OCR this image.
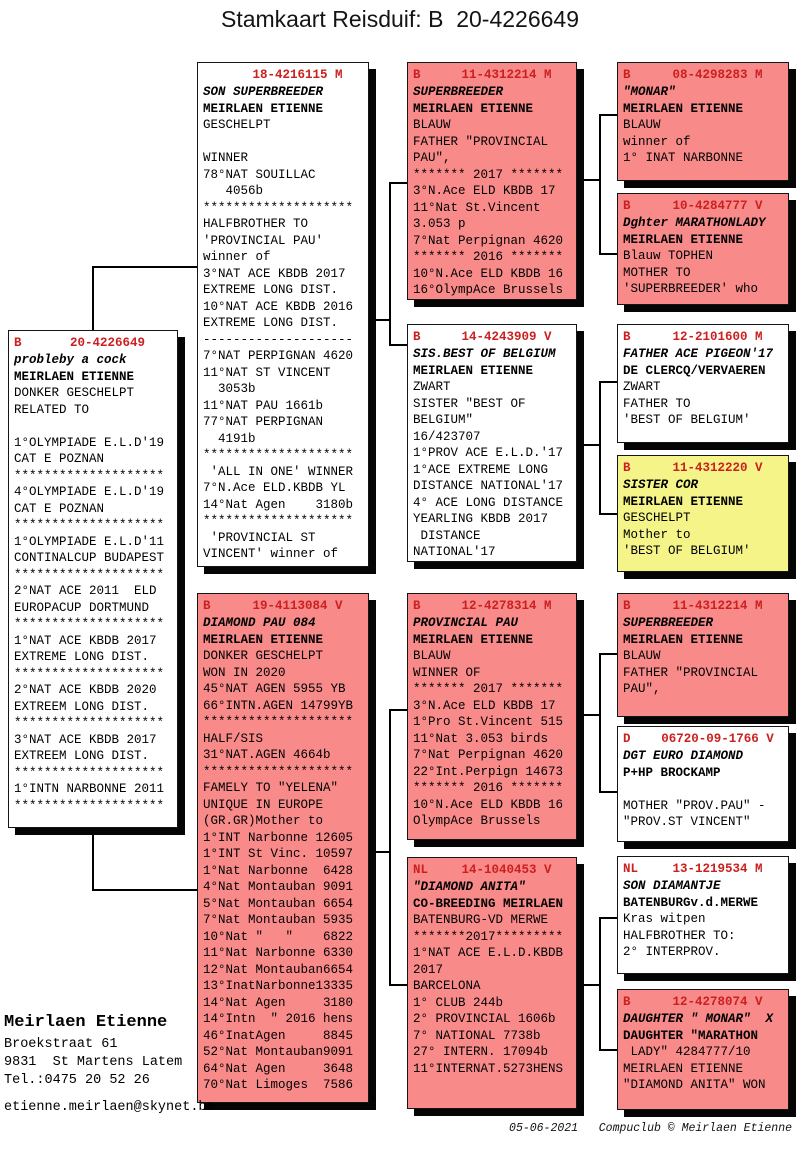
Stamkaart Reisduif: B  20-4226649
B	20-4226649
probleby a cock
MEIRLAEN ETIENNE
DONKER GESCHELPT
RELATED TO

1°OLYMPIADE E.L.D'19
CAT E POZNAN
********************
4°OLYMPIADE E.L.D'19
CAT E POZNAN
********************
1°OLYMPIADE E.L.D'11
CONTINALCUP BUDAPEST
********************
2°NAT ACE 2011  ELD
EUROPACUP DORTMUND
********************
1°NAT ACE KBDB 2017
EXTREME LONG DIST.
********************
2°NAT ACE KBDB 2020
EXTREEM LONG DIST.
********************
3°NAT ACE KBDB 2017
EXTREEM LONG DIST.
********************
1°INTN NARBONNE 2011
********************
18-4216115 M
SON SUPERBREEDER
MEIRLAEN ETIENNE
GESCHELPT

WINNER
78°NAT SOUILLAC
4056b
********************
HALFBROTHER TO
'PROVINCIAL PAU'
winner of
3°NAT ACE KBDB 2017
EXTREME LONG DIST.
10°NAT ACE KBDB 2016
EXTREME LONG DIST.
--------------------
7°NAT PERPIGNAN 4620
11°NAT ST VINCENT
3053b
11°NAT PAU 1661b
77°NAT PERPIGNAN
4191b
********************
'ALL IN ONE' WINNER
7°N.Ace ELD.KBDB YL
14°Nat Agen    3180b
********************
'PROVINCIAL ST
VINCENT' winner of
B	19-4113084 V
DIAMOND PAU 084
MEIRLAEN ETIENNE
DONKER GESCHELPT
WON IN 2020
45°NAT AGEN 5955 YB
66°INTN.AGEN 14799YB
********************
HALF/SIS
31°NAT.AGEN 4664b
********************
FAMELY TO "YELENA"
UNIQUE IN EUROPE
(GR.GR)Mother to
1°INT Narbonne 12605
1°INT St Vinc. 10597
1°Nat Narbonne  6428
4°Nat Montauban 9091
5°Nat Montauban 6654
7°Nat Montauban 5935
10°Nat "   "    6822
11°Nat Narbonne 6330
12°Nat Montauban6654
13°InatNarbonne13335
14°Nat Agen     3180
14°Intn  " 2016 hens
46°InatAgen     8845
52°Nat Montauban9091
64°Nat Agen     3648
70°Nat Limoges  7586
B	11-4312214 M
SUPERBREEDER
MEIRLAEN ETIENNE
BLAUW
FATHER "PROVINCIAL
PAU",
******* 2017 *******
3°N.Ace ELD KBDB 17
11°Nat St.Vincent
3.053 p
7°Nat Perpignan 4620
******* 2016 *******
10°N.Ace ELD KBDB 16
16°OlympAce Brussels
B	14-4243909 V
SIS.BEST OF BELGIUM
MEIRLAEN ETIENNE
ZWART
SISTER "BEST OF
BELGIUM"
16/423707
1°PROV ACE E.L.D.'17
1°ACE EXTREME LONG
DISTANCE NATIONAL'17
4° ACE LONG DISTANCE
YEARLING KBDB 2017
DISTANCE
NATIONAL'17
B	12-4278314 M
PROVINCIAL PAU
MEIRLAEN ETIENNE
BLAUW
WINNER OF
******* 2017 *******
3°N.Ace ELD KBDB 17
1°Pro St.Vincent 515
11°Nat 3.053 birds
7°Nat Perpignan 4620
22°Int.Perpign 14673
******* 2016 *******
10°N.Ace ELD KBDB 16
OlympAce Brussels
NL	14-1040453 V
"DIAMOND ANITA"
CO-BREEDING MEIRLAEN
BATENBURG-VD MERWE
*******2017*********
1°NAT ACE E.L.D.KBDB
2017
BARCELONA
1° CLUB 244b
2° PROVINCIAL 1606b
7° NATIONAL 7738b
27° INTERN. 17094b
11°INTERNAT.5273HENS
B	08-4298283 M
"MONAR"
MEIRLAEN ETIENNE
BLAUW
winner of
1° INAT NARBONNE
B	10-4284777 V
Dghter MARATHONLADY
MEIRLAEN ETIENNE
Blauw TOPHEN
MOTHER TO
'SUPERBREEDER' who
B	12-2101600 M
FATHER ACE PIGEON'17
DE CLERCQ/VERVAEREN
ZWART
FATHER TO
'BEST OF BELGIUM'
B	11-4312220 V
SISTER COR
MEIRLAEN ETIENNE
GESCHELPT
Mother to
'BEST OF BELGIUM'
B	11-4312214 M
SUPERBREEDER
MEIRLAEN ETIENNE
BLAUW
FATHER "PROVINCIAL
PAU",
D	06720-09-1766 V
DGT EURO DIAMOND
P+HP BROCKAMP

MOTHER "PROV.PAU" -
"PROV.ST VINCENT"
NL	13-1219534 M
SON DIAMANTJE
BATENBURGv.d.MERWE
Kras witpen
HALFBROTHER TO:
2° INTERPROV.
B	12-4278074 V
DAUGHTER " MONAR"  X
DAUGHTER "MARATHON
LADY" 4284777/10
MEIRLAEN ETIENNE
"DIAMOND ANITA" WON
Meirlaen Etienne
Broekstraat 61
9831  St Martens Latem
Tel.:0475 20 52 26
etienne.meirlaen@skynet.be
05-06-2021   Compuclub © Meirlaen Etienne
